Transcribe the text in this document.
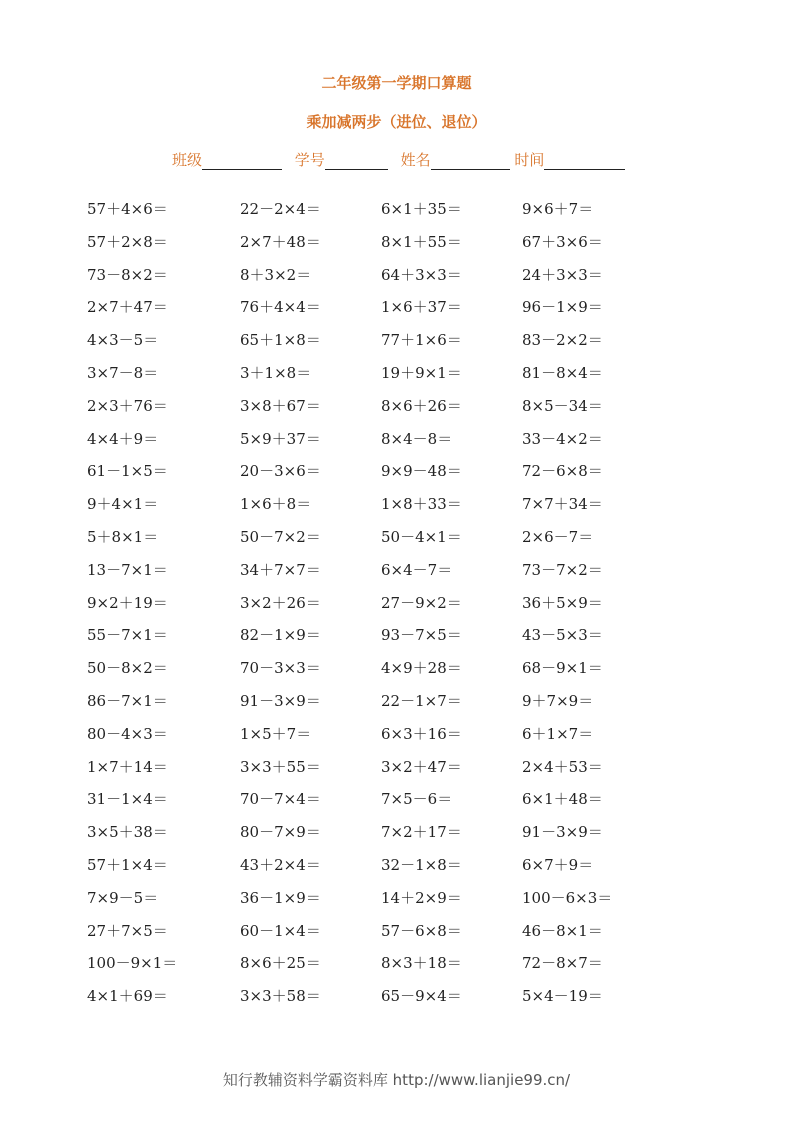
二年级第一学期口算题
乘加减两步（进位、退位）
班级	学号	姓名	时间
57＋4×6＝	22－2×4＝	6×1＋35＝	9×6＋7＝
57＋2×8＝	2×7＋48＝	8×1＋55＝	67＋3×6＝
73－8×2＝	8＋3×2＝	64＋3×3＝	24＋3×3＝
2×7＋47＝	76＋4×4＝	1×6＋37＝	96－1×9＝
4×3－5＝	65＋1×8＝	77＋1×6＝	83－2×2＝
3×7－8＝	3＋1×8＝	19＋9×1＝	81－8×4＝
2×3＋76＝	3×8＋67＝	8×6＋26＝	8×5－34＝
4×4＋9＝	5×9＋37＝	8×4－8＝	33－4×2＝
61－1×5＝	20－3×6＝	9×9－48＝	72－6×8＝
9＋4×1＝	1×6＋8＝	1×8＋33＝	7×7＋34＝
5＋8×1＝	50－7×2＝	50－4×1＝	2×6－7＝
13－7×1＝	34＋7×7＝	6×4－7＝	73－7×2＝
9×2＋19＝	3×2＋26＝	27－9×2＝	36＋5×9＝
55－7×1＝	82－1×9＝	93－7×5＝	43－5×3＝
50－8×2＝	70－3×3＝	4×9＋28＝	68－9×1＝
86－7×1＝	91－3×9＝	22－1×7＝	9＋7×9＝
80－4×3＝	1×5＋7＝	6×3＋16＝	6＋1×7＝
1×7＋14＝	3×3＋55＝	3×2＋47＝	2×4＋53＝
31－1×4＝	70－7×4＝	7×5－6＝	6×1＋48＝
3×5＋38＝	80－7×9＝	7×2＋17＝	91－3×9＝
57＋1×4＝	43＋2×4＝	32－1×8＝	6×7＋9＝
7×9－5＝	36－1×9＝	14＋2×9＝	100－6×3＝
27＋7×5＝	60－1×4＝	57－6×8＝	46－8×1＝
100－9×1＝	8×6＋25＝	8×3＋18＝	72－8×7＝
4×1＋69＝	3×3＋58＝	65－9×4＝	5×4－19＝
知行教辅资料学霸资料库 http://www.lianjie99.cn/
